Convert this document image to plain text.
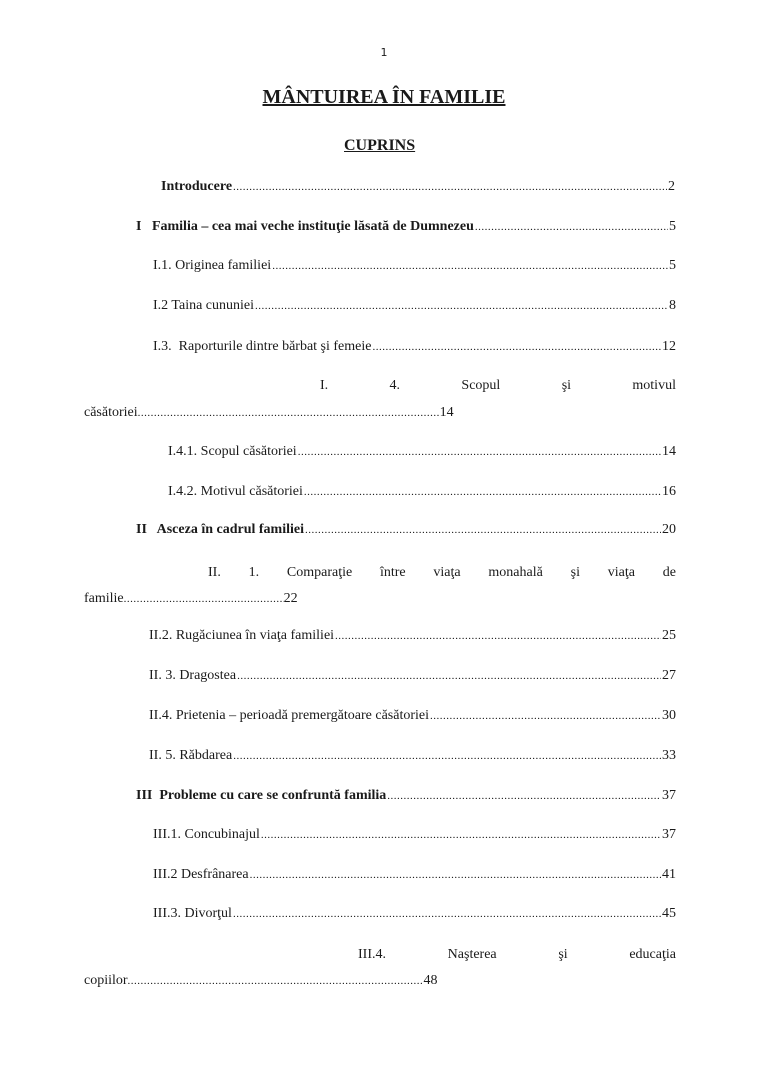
1
MÂNTUIREA ÎN FAMILIE
CUPRINS
Introducere .....	2
I   Familia – cea mai veche instituţie lăsată de Dumnezeu .....	5
I.1. Originea familiei .....	5
I.2 Taina cununiei .....	8
I.3.  Raporturile dintre bărbat şi femeie .....	12
I.	4.	Scopul	şi	motivul
căsătoriei .....	14
I.4.1. Scopul căsătoriei .....	14
I.4.2. Motivul căsătoriei .....	16
II   Asceza în cadrul familiei .....	20
II. 1. Comparaţie între viaţa monahală şi viaţa de
familie .....	22
II.2. Rugăciunea în viaţa familiei .....	25
II. 3. Dragostea .....	27
II.4. Prietenia – perioadă premergătoare căsătoriei .....	30
II. 5. Răbdarea .....	33
III  Probleme cu care se confruntă familia .....	37
III.1. Concubinajul .....	37
III.2 Desfrânarea .....	41
III.3. Divorţul .....	45
III.4.	Naşterea	şi	educaţia
copiilor .....	48
